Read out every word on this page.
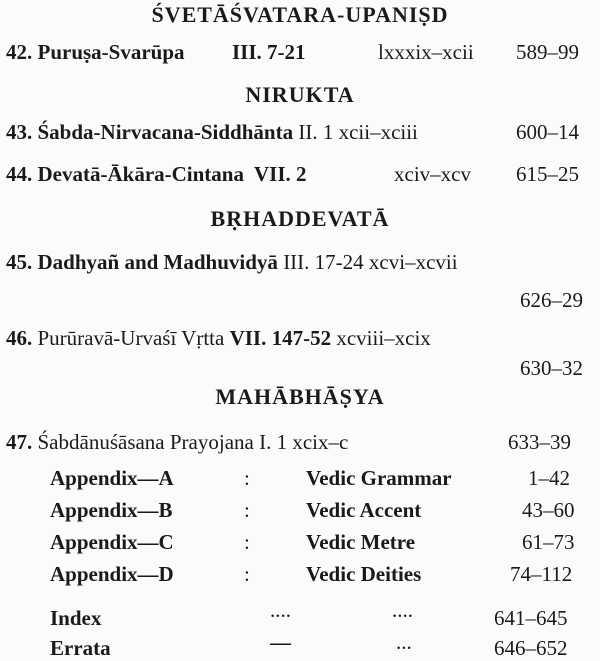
ŚVETĀŚVATARA-UPANIṢD
42. Puruṣa-Svarūpa III. 7-21	lxxxix–xcii 589–99
NIRUKTA
43. Śabda-Nirvacana-Siddhānta II. 1 xcii–xciii	600–14
44. Devatā-Ākāra-Cintana VII. 2	xciv–xcv 615–25
BṚHADDEVATĀ
45. Dadhyañ and Madhuvidyā III. 17-24 xcvi–xcvii
626–29
46. Purūravā-Urvaśī Vṛtta VII. 147-52 xcviii–xcix
630–32
MAHĀBHĀṢYA
47. Śabdānuśāsana Prayojana I. 1 xcix–c	633–39
Appendix—A	:	Vedic Grammar	1–42
Appendix—B	:	Vedic Accent	43–60
Appendix—C	:	Vedic Metre	61–73
Appendix—D	:	Vedic Deities	74–112
Index	....	....	641–645
Errata	—	...	646–652
